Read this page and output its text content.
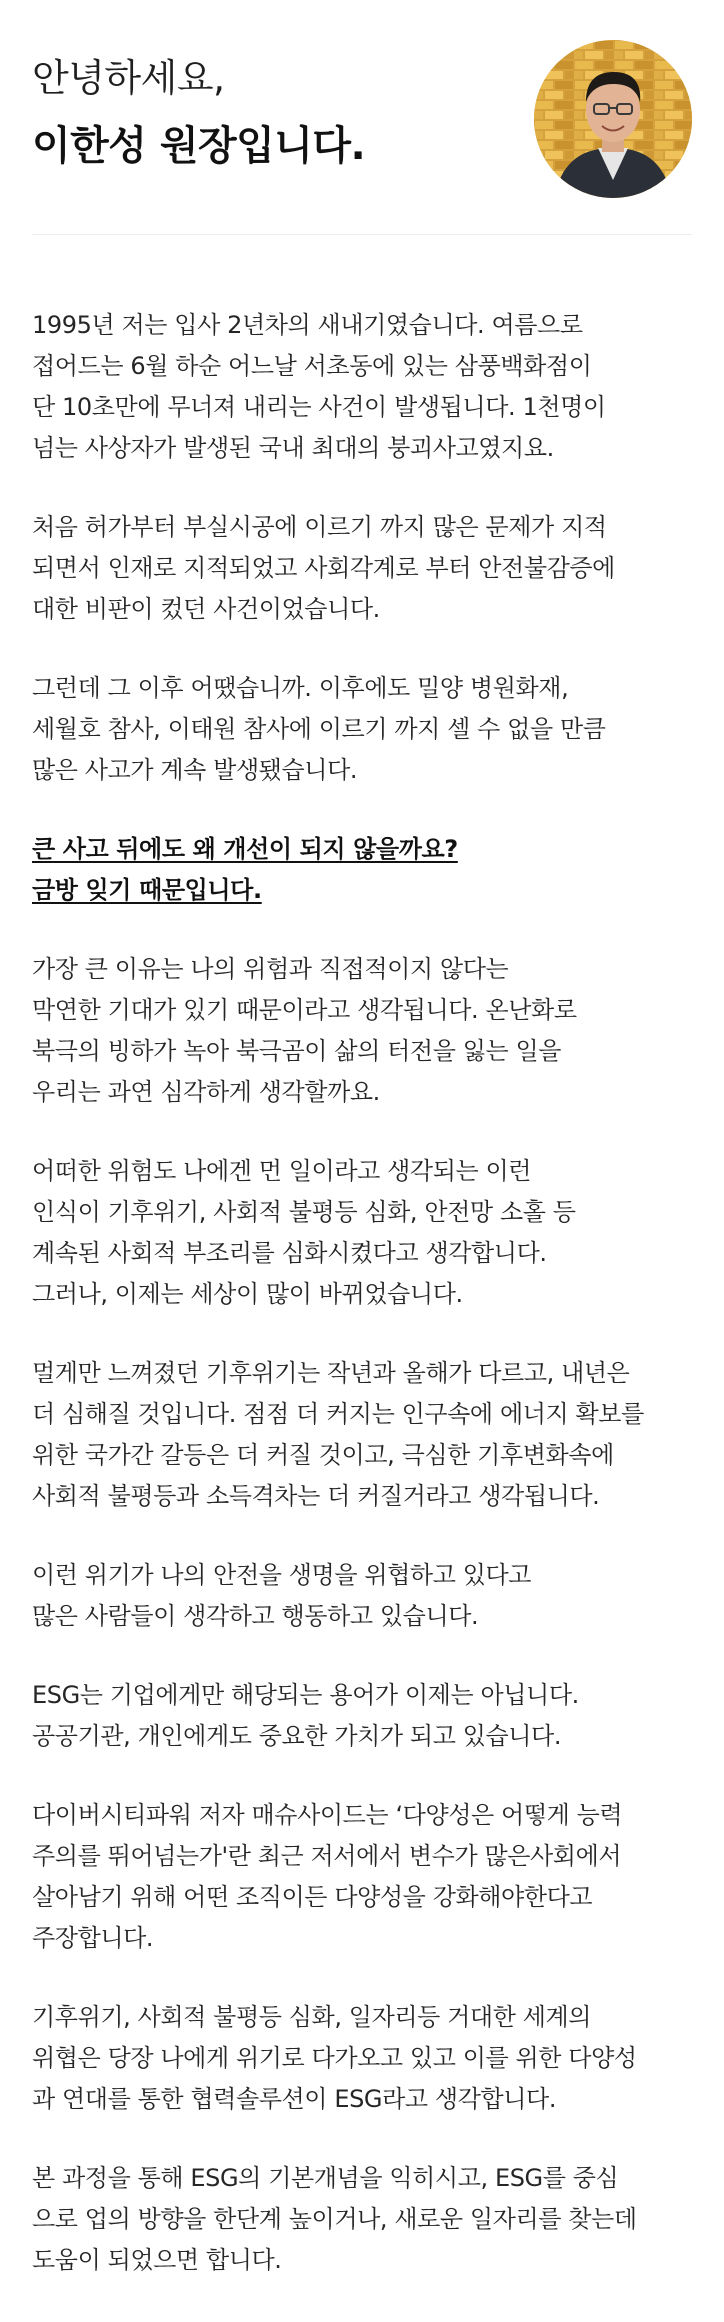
안녕하세요,
이한성 원장입니다.

1995년 저는 입사 2년차의 새내기였습니다. 여름으로
접어드는 6월 하순 어느날 서초동에 있는 삼풍백화점이
단 10초만에 무너져 내리는 사건이 발생됩니다. 1천명이
넘는 사상자가 발생된 국내 최대의 붕괴사고였지요.

처음 허가부터 부실시공에 이르기 까지 많은 문제가 지적
되면서 인재로 지적되었고 사회각계로 부터 안전불감증에
대한 비판이 컸던 사건이었습니다.

그런데 그 이후 어땠습니까. 이후에도 밀양 병원화재,
세월호 참사, 이태원 참사에 이르기 까지 셀 수 없을 만큼
많은 사고가 계속 발생됐습니다.

큰 사고 뒤에도 왜 개선이 되지 않을까요?
금방 잊기 때문입니다.

가장 큰 이유는 나의 위험과 직접적이지 않다는
막연한 기대가 있기 때문이라고 생각됩니다. 온난화로
북극의 빙하가 녹아 북극곰이 삶의 터전을 잃는 일을
우리는 과연 심각하게 생각할까요.

어떠한 위험도 나에겐 먼 일이라고 생각되는 이런
인식이 기후위기, 사회적 불평등 심화, 안전망 소홀 등
계속된 사회적 부조리를 심화시켰다고 생각합니다.
그러나, 이제는 세상이 많이 바뀌었습니다.

멀게만 느껴졌던 기후위기는 작년과 올해가 다르고, 내년은
더 심해질 것입니다. 점점 더 커지는 인구속에 에너지 확보를
위한 국가간 갈등은 더 커질 것이고, 극심한 기후변화속에
사회적 불평등과 소득격차는 더 커질거라고 생각됩니다.

이런 위기가 나의 안전을 생명을 위협하고 있다고
많은 사람들이 생각하고 행동하고 있습니다.

ESG는 기업에게만 해당되는 용어가 이제는 아닙니다.
공공기관, 개인에게도 중요한 가치가 되고 있습니다.

다이버시티파워 저자 매슈사이드는 ‘다양성은 어떻게 능력
주의를 뛰어넘는가'란 최근 저서에서 변수가 많은사회에서
살아남기 위해 어떤 조직이든 다양성을 강화해야한다고
주장합니다.

기후위기, 사회적 불평등 심화, 일자리등 거대한 세계의
위협은 당장 나에게 위기로 다가오고 있고 이를 위한 다양성
과 연대를 통한 협력솔루션이 ESG라고 생각합니다.

본 과정을 통해 ESG의 기본개념을 익히시고, ESG를 중심
으로 업의 방향을 한단계 높이거나, 새로운 일자리를 찾는데
도움이 되었으면 합니다.
